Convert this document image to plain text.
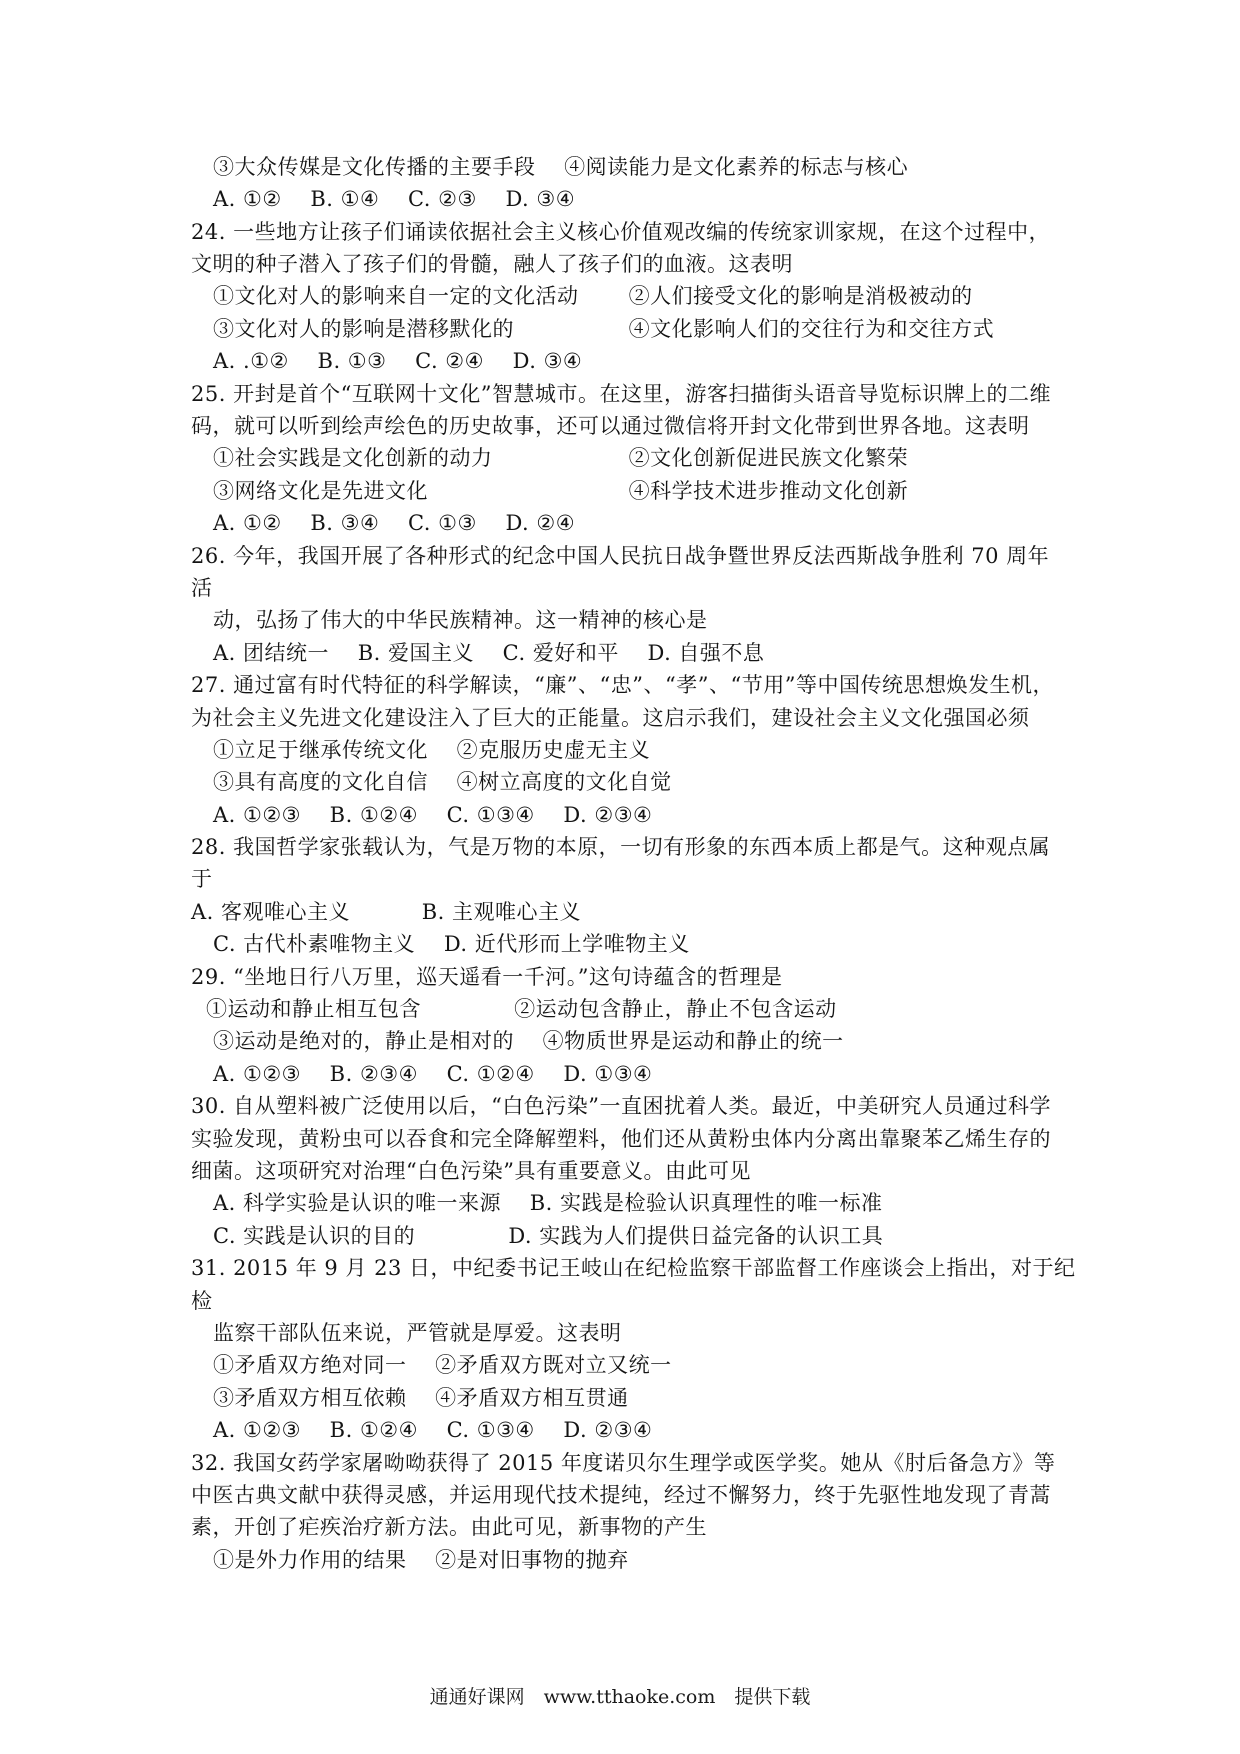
③大众传媒是文化传播的主要手段　 ④阅读能力是文化素养的标志与核心
A. ①②　 B. ①④　 C. ②③　 D. ③④
24. 一些地方让孩子们诵读依据社会主义核心价值观改编的传统家训家规，在这个过程中，
文明的种子潜入了孩子们的骨髓，融人了孩子们的血液。这表明
①文化对人的影响来自一定的文化活动　　 ②人们接受文化的影响是消极被动的
③文化对人的影响是潜移默化的　　　　　 ④文化影响人们的交往行为和交往方式
A. .①②　 B. ①③　 C. ②④　 D. ③④
25. 开封是首个“互联网十文化”智慧城市。在这里，游客扫描街头语音导览标识牌上的二维
码，就可以听到绘声绘色的历史故事，还可以通过微信将开封文化带到世界各地。这表明
①社会实践是文化创新的动力　　　　　　 ②文化创新促进民族文化繁荣
③网络文化是先进文化　　　　　　　　　 ④科学技术进步推动文化创新
A. ①②　 B. ③④　 C. ①③　 D. ②④
26. 今年，我国开展了各种形式的纪念中国人民抗日战争暨世界反法西斯战争胜利 70 周年
活
动，弘扬了伟大的中华民族精神。这一精神的核心是
A. 团结统一　 B. 爱国主义　 C. 爱好和平　 D. 自强不息
27. 通过富有时代特征的科学解读，“廉”、“忠”、“孝”、“节用”等中国传统思想焕发生机，
为社会主义先进文化建设注入了巨大的正能量。这启示我们，建设社会主义文化强国必须
①立足于继承传统文化　 ②克服历史虚无主义
③具有高度的文化自信　 ④树立高度的文化自觉
A. ①②③　 B. ①②④　 C. ①③④　 D. ②③④
28. 我国哲学家张载认为，气是万物的本原，一切有形象的东西本质上都是气。这种观点属
于
A. 客观唯心主义　　　 B. 主观唯心主义
C. 古代朴素唯物主义　 D. 近代形而上学唯物主义
29. “坐地日行八万里，巡天遥看一千河。”这句诗蕴含的哲理是
①运动和静止相互包含　　　　 ②运动包含静止，静止不包含运动
③运动是绝对的，静止是相对的　 ④物质世界是运动和静止的统一
A. ①②③　 B. ②③④　 C. ①②④　 D. ①③④
30. 自从塑料被广泛使用以后，“白色污染”一直困扰着人类。最近，中美研究人员通过科学
实验发现，黄粉虫可以吞食和完全降解塑料，他们还从黄粉虫体内分离出靠聚苯乙烯生存的
细菌。这项研究对治理“白色污染”具有重要意义。由此可见
A. 科学实验是认识的唯一来源　 B. 实践是检验认识真理性的唯一标准
C. 实践是认识的目的　　　　 D. 实践为人们提供日益完备的认识工具
31. 2015 年 9 月 23 日，中纪委书记王岐山在纪检监察干部监督工作座谈会上指出，对于纪
检
监察干部队伍来说，严管就是厚爱。这表明
①矛盾双方绝对同一　 ②矛盾双方既对立又统一
③矛盾双方相互依赖　 ④矛盾双方相互贯通
A. ①②③　 B. ①②④　 C. ①③④　 D. ②③④
32. 我国女药学家屠呦呦获得了 2015 年度诺贝尔生理学或医学奖。她从《肘后备急方》等
中医古典文献中获得灵感，并运用现代技术提纯，经过不懈努力，终于先驱性地发现了青蒿
素，开创了疟疾治疗新方法。由此可见，新事物的产生
①是外力作用的结果　 ②是对旧事物的抛弃
通通好课网　www.tthaoke.com　提供下载
